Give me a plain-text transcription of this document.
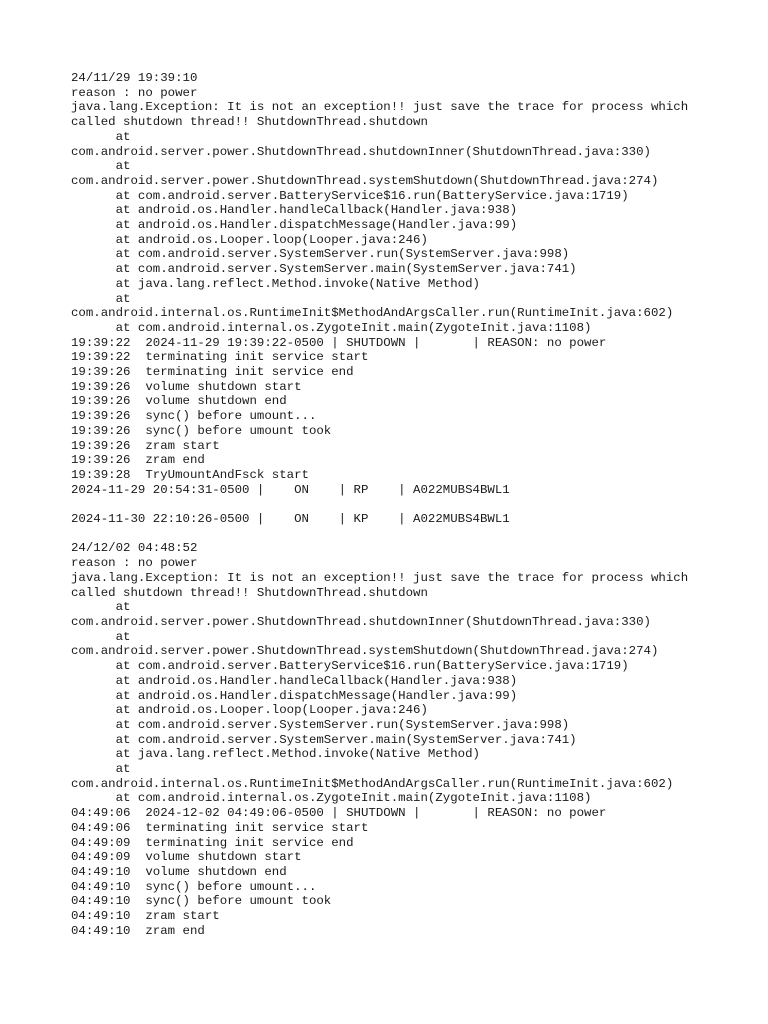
24/11/29 19:39:10
reason : no power
java.lang.Exception: It is not an exception!! just save the trace for process which
called shutdown thread!! ShutdownThread.shutdown
at
com.android.server.power.ShutdownThread.shutdownInner(ShutdownThread.java:330)
at
com.android.server.power.ShutdownThread.systemShutdown(ShutdownThread.java:274)
at com.android.server.BatteryService$16.run(BatteryService.java:1719)
at android.os.Handler.handleCallback(Handler.java:938)
at android.os.Handler.dispatchMessage(Handler.java:99)
at android.os.Looper.loop(Looper.java:246)
at com.android.server.SystemServer.run(SystemServer.java:998)
at com.android.server.SystemServer.main(SystemServer.java:741)
at java.lang.reflect.Method.invoke(Native Method)
at
com.android.internal.os.RuntimeInit$MethodAndArgsCaller.run(RuntimeInit.java:602)
at com.android.internal.os.ZygoteInit.main(ZygoteInit.java:1108)
19:39:22  2024-11-29 19:39:22-0500 | SHUTDOWN |       | REASON: no power
19:39:22  terminating init service start
19:39:26  terminating init service end
19:39:26  volume shutdown start
19:39:26  volume shutdown end
19:39:26  sync() before umount...
19:39:26  sync() before umount took
19:39:26  zram start
19:39:26  zram end
19:39:28  TryUmountAndFsck start
2024-11-29 20:54:31-0500 |    ON    | RP    | A022MUBS4BWL1
2024-11-30 22:10:26-0500 |    ON    | KP    | A022MUBS4BWL1
24/12/02 04:48:52
reason : no power
java.lang.Exception: It is not an exception!! just save the trace for process which
called shutdown thread!! ShutdownThread.shutdown
at
com.android.server.power.ShutdownThread.shutdownInner(ShutdownThread.java:330)
at
com.android.server.power.ShutdownThread.systemShutdown(ShutdownThread.java:274)
at com.android.server.BatteryService$16.run(BatteryService.java:1719)
at android.os.Handler.handleCallback(Handler.java:938)
at android.os.Handler.dispatchMessage(Handler.java:99)
at android.os.Looper.loop(Looper.java:246)
at com.android.server.SystemServer.run(SystemServer.java:998)
at com.android.server.SystemServer.main(SystemServer.java:741)
at java.lang.reflect.Method.invoke(Native Method)
at
com.android.internal.os.RuntimeInit$MethodAndArgsCaller.run(RuntimeInit.java:602)
at com.android.internal.os.ZygoteInit.main(ZygoteInit.java:1108)
04:49:06  2024-12-02 04:49:06-0500 | SHUTDOWN |       | REASON: no power
04:49:06  terminating init service start
04:49:09  terminating init service end
04:49:09  volume shutdown start
04:49:10  volume shutdown end
04:49:10  sync() before umount...
04:49:10  sync() before umount took
04:49:10  zram start
04:49:10  zram end
